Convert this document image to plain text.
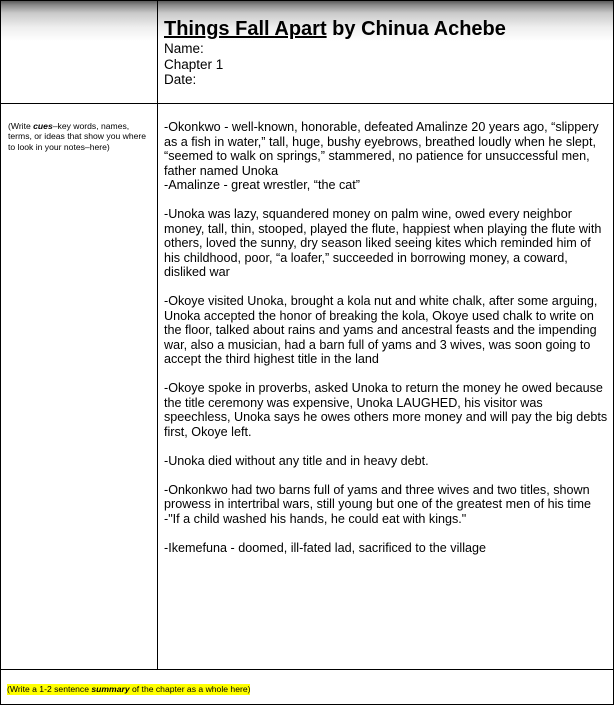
Things Fall Apart by Chinua Achebe
Name:
Chapter 1
Date:
(Write cues–key words, names, terms, or ideas that show you where to look in your notes–here)

-Okonkwo - well-known, honorable, defeated Amalinze 20 years ago, “slippery as a fish in water,” tall, huge, bushy eyebrows, breathed loudly when he slept, “seemed to walk on springs,” stammered, no patience for unsuccessful men, father named Unoka
-Amalinze - great wrestler, “the cat”

-Unoka was lazy, squandered money on palm wine, owed every neighbor money, tall, thin, stooped, played the flute, happiest when playing the flute with others, loved the sunny, dry season liked seeing kites which reminded him of his childhood, poor, “a loafer,” succeeded in borrowing money, a coward, disliked war

-Okoye visited Unoka, brought a kola nut and white chalk, after some arguing, Unoka accepted the honor of breaking the kola, Okoye used chalk to write on the floor, talked about rains and yams and ancestral feasts and the impending war, also a musician, had a barn full of yams and 3 wives, was soon going to accept the third highest title in the land

-Okoye spoke in proverbs, asked Unoka to return the money he owed because the title ceremony was expensive, Unoka LAUGHED, his visitor was speechless, Unoka says he owes others more money and will pay the big debts first, Okoye left.

-Unoka died without any title and in heavy debt.

-Onkonkwo had two barns full of yams and three wives and two titles, shown prowess in intertribal wars, still young but one of the greatest men of his time
-"If a child washed his hands, he could eat with kings."

-Ikemefuna - doomed, ill-fated lad, sacrificed to the village

(Write a 1-2 sentence summary of the chapter as a whole here)
